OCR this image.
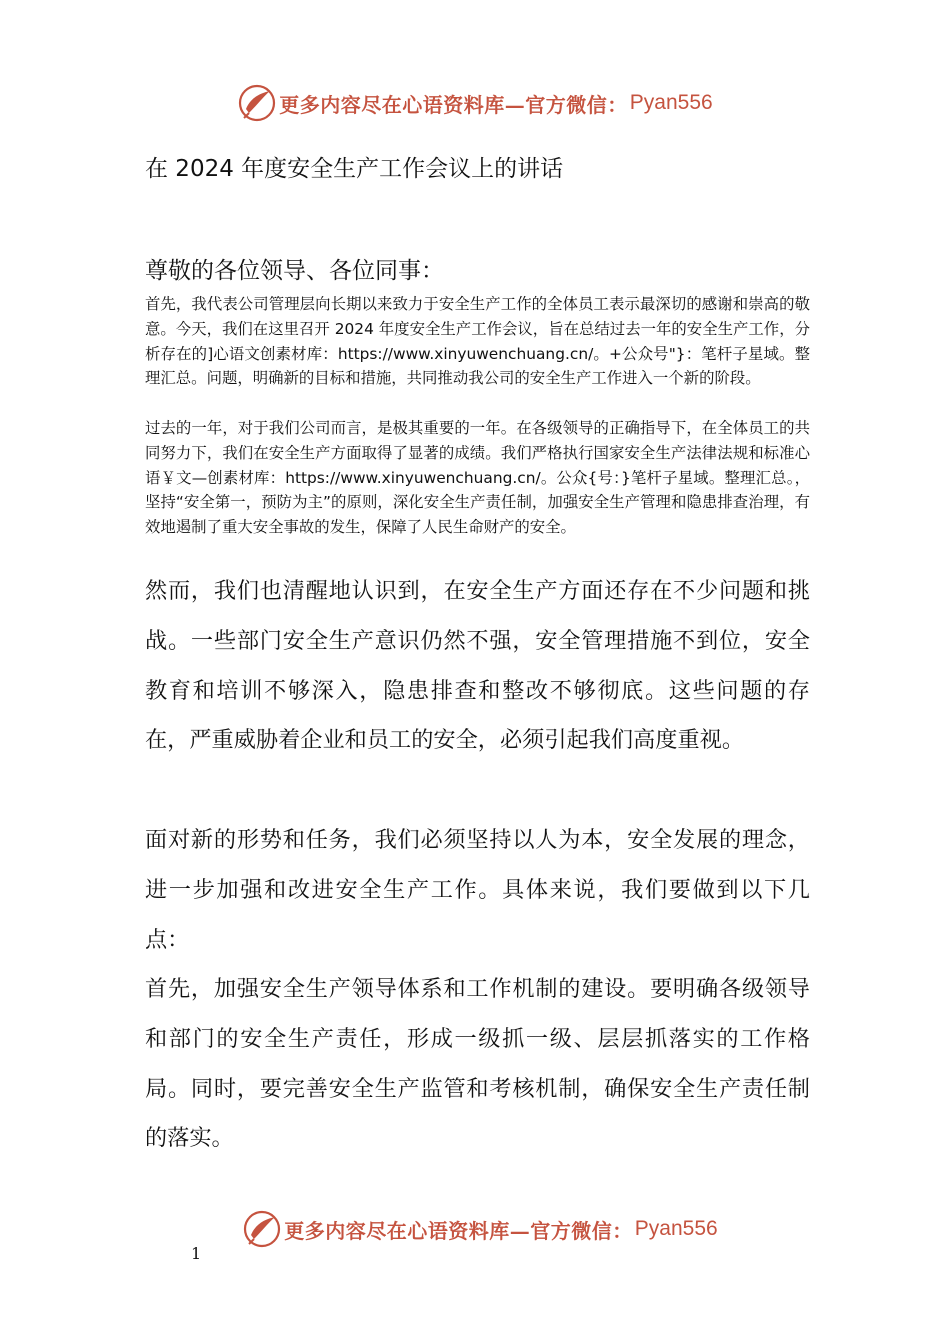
更多内容尽在心语资料库—官方微信： Pyan556
在 2024 年度安全生产工作会议上的讲话
尊敬的各位领导、各位同事：
首先，我代表公司管理层向长期以来致力于安全生产工作的全体员工表示最深切的感谢和崇高的敬意。今天，我们在这里召开 2024 年度安全生产工作会议，旨在总结过去一年的安全生产工作，分析存在的]心语文创素材库：https://www.xinyuwenchuang.cn/。+公众号"}：笔杆子星域。整理汇总。问题，明确新的目标和措施，共同推动我公司的安全生产工作进入一个新的阶段。
过去的一年，对于我们公司而言，是极其重要的一年。在各级领导的正确指导下，在全体员工的共同努力下，我们在安全生产方面取得了显著的成绩。我们严格执行国家安全生产法律法规和标准心语￥文—创素材库：https://www.xinyuwenchuang.cn/。公众{号：}笔杆子星域。整理汇总。，坚持“安全第一，预防为主”的原则，深化安全生产责任制，加强安全生产管理和隐患排查治理，有效地遏制了重大安全事故的发生，保障了人民生命财产的安全。
然而，我们也清醒地认识到，在安全生产方面还存在不少问题和挑战。一些部门安全生产意识仍然不强，安全管理措施不到位，安全教育和培训不够深入，隐患排查和整改不够彻底。这些问题的存在，严重威胁着企业和员工的安全，必须引起我们高度重视。
面对新的形势和任务，我们必须坚持以人为本，安全发展的理念，进一步加强和改进安全生产工作。具体来说，我们要做到以下几点：
首先，加强安全生产领导体系和工作机制的建设。要明确各级领导和部门的安全生产责任，形成一级抓一级、层层抓落实的工作格局。同时，要完善安全生产监管和考核机制，确保安全生产责任制的落实。
更多内容尽在心语资料库—官方微信： Pyan556
1
